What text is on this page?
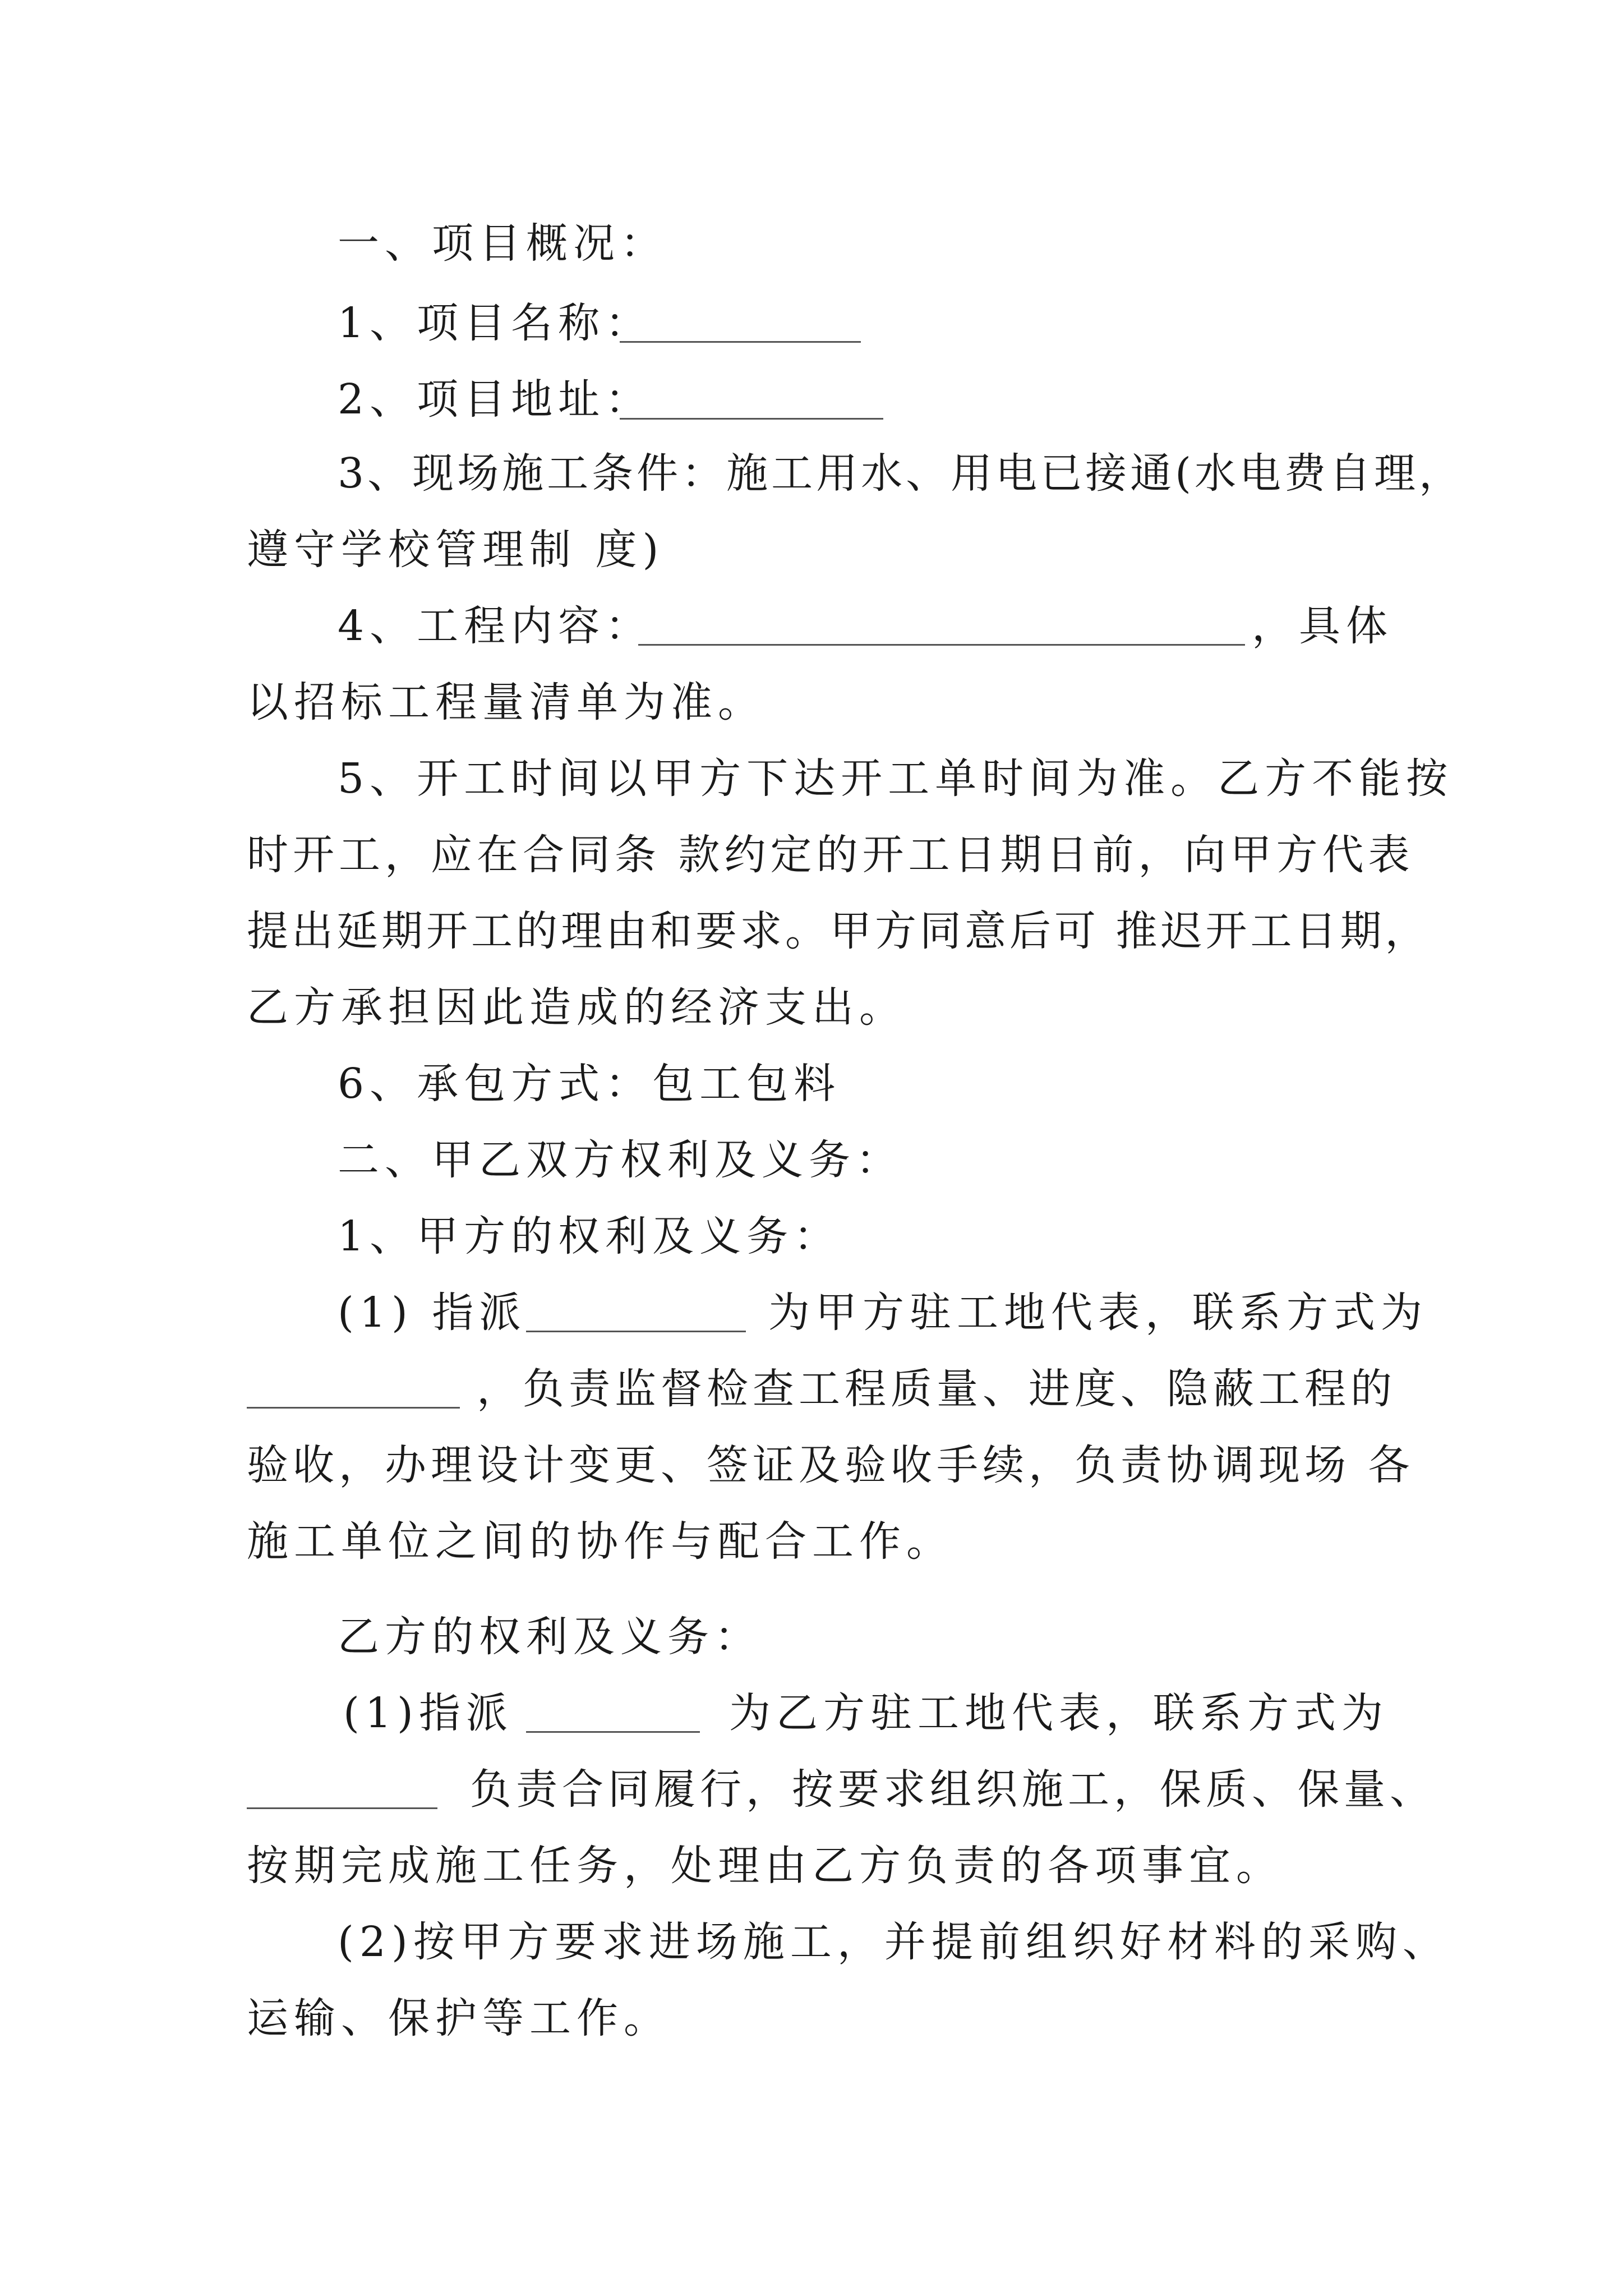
一、项目概况：
1、项目名称：
2、项目地址：
3、现场施工条件：施工用水、用电已接通(水电费自理，
遵守学校管理制 度)
4、工程内容：	，具体
以招标工程量清单为准。
5、开工时间以甲方下达开工单时间为准。乙方不能按
时开工，应在合同条 款约定的开工日期日前，向甲方代表
提出延期开工的理由和要求。甲方同意后可 推迟开工日期，
乙方承担因此造成的经济支出。
6、承包方式：包工包料
二、甲乙双方权利及义务：
1、甲方的权利及义务：
(1) 指派	为甲方驻工地代表，联系方式为
，负责监督检查工程质量、进度、隐蔽工程的
验收，办理设计变更、签证及验收手续，负责协调现场 各
施工单位之间的协作与配合工作。
乙方的权利及义务：
(1)指派	为乙方驻工地代表，联系方式为
负责合同履行，按要求组织施工，保质、保量、
按期完成施工任务，处理由乙方负责的各项事宜。
(2)按甲方要求进场施工，并提前组织好材料的采购、
运输、保护等工作。
